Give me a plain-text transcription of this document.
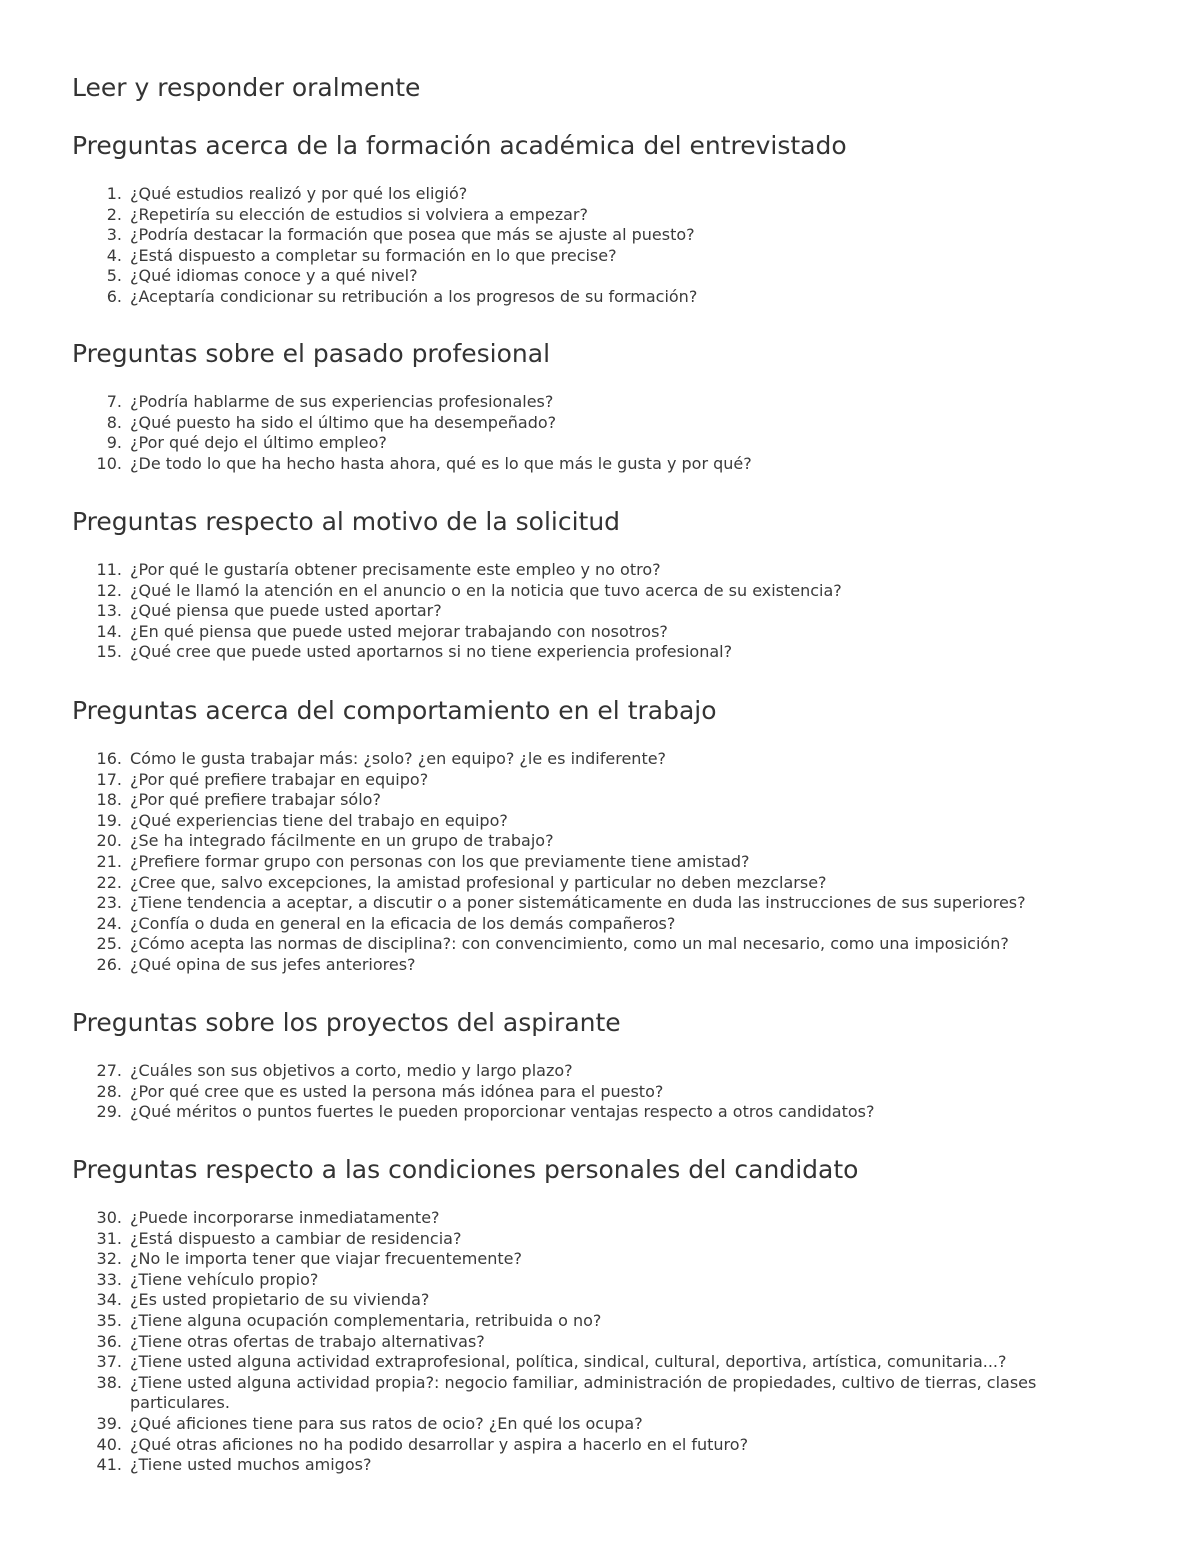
Leer y responder oralmente
Preguntas acerca de la formación académica del entrevistado
1. ¿Qué estudios realizó y por qué los eligió?
2. ¿Repetiría su elección de estudios si volviera a empezar?
3. ¿Podría destacar la formación que posea que más se ajuste al puesto?
4. ¿Está dispuesto a completar su formación en lo que precise?
5. ¿Qué idiomas conoce y a qué nivel?
6. ¿Aceptaría condicionar su retribución a los progresos de su formación?
Preguntas sobre el pasado profesional
7. ¿Podría hablarme de sus experiencias profesionales?
8. ¿Qué puesto ha sido el último que ha desempeñado?
9. ¿Por qué dejo el último empleo?
10. ¿De todo lo que ha hecho hasta ahora, qué es lo que más le gusta y por qué?
Preguntas respecto al motivo de la solicitud
11. ¿Por qué le gustaría obtener precisamente este empleo y no otro?
12. ¿Qué le llamó la atención en el anuncio o en la noticia que tuvo acerca de su existencia?
13. ¿Qué piensa que puede usted aportar?
14. ¿En qué piensa que puede usted mejorar trabajando con nosotros?
15. ¿Qué cree que puede usted aportarnos si no tiene experiencia profesional?
Preguntas acerca del comportamiento en el trabajo
16. Cómo le gusta trabajar más: ¿solo? ¿en equipo? ¿le es indiferente?
17. ¿Por qué prefiere trabajar en equipo?
18. ¿Por qué prefiere trabajar sólo?
19. ¿Qué experiencias tiene del trabajo en equipo?
20. ¿Se ha integrado fácilmente en un grupo de trabajo?
21. ¿Prefiere formar grupo con personas con los que previamente tiene amistad?
22. ¿Cree que, salvo excepciones, la amistad profesional y particular no deben mezclarse?
23. ¿Tiene tendencia a aceptar, a discutir o a poner sistemáticamente en duda las instrucciones de sus superiores?
24. ¿Confía o duda en general en la eficacia de los demás compañeros?
25. ¿Cómo acepta las normas de disciplina?: con convencimiento, como un mal necesario, como una imposición?
26. ¿Qué opina de sus jefes anteriores?
Preguntas sobre los proyectos del aspirante
27. ¿Cuáles son sus objetivos a corto, medio y largo plazo?
28. ¿Por qué cree que es usted la persona más idónea para el puesto?
29. ¿Qué méritos o puntos fuertes le pueden proporcionar ventajas respecto a otros candidatos?
Preguntas respecto a las condiciones personales del candidato
30. ¿Puede incorporarse inmediatamente?
31. ¿Está dispuesto a cambiar de residencia?
32. ¿No le importa tener que viajar frecuentemente?
33. ¿Tiene vehículo propio?
34. ¿Es usted propietario de su vivienda?
35. ¿Tiene alguna ocupación complementaria, retribuida o no?
36. ¿Tiene otras ofertas de trabajo alternativas?
37. ¿Tiene usted alguna actividad extraprofesional, política, sindical, cultural, deportiva, artística, comunitaria...?
38. ¿Tiene usted alguna actividad propia?: negocio familiar, administración de propiedades, cultivo de tierras, clases particulares.
39. ¿Qué aficiones tiene para sus ratos de ocio? ¿En qué los ocupa?
40. ¿Qué otras aficiones no ha podido desarrollar y aspira a hacerlo en el futuro?
41. ¿Tiene usted muchos amigos?
